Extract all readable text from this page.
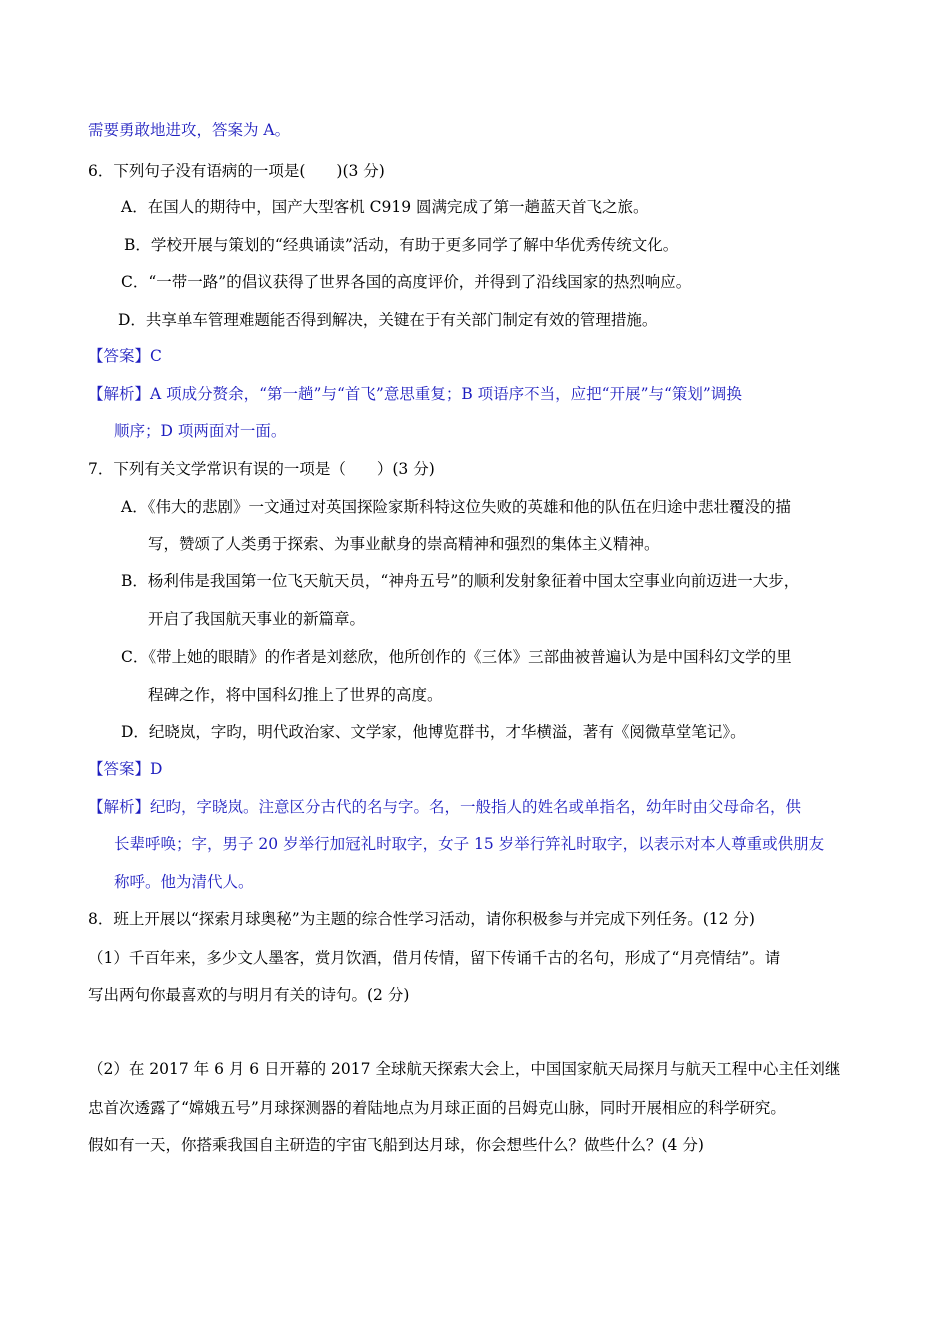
需要勇敢地进攻，答案为 A。
6．下列句子没有语病的一项是(　　)(3 分)
A．在国人的期待中，国产大型客机 C919 圆满完成了第一趟蓝天首飞之旅。
B．学校开展与策划的“经典诵读”活动，有助于更多同学了解中华优秀传统文化。
C．“一带一路”的倡议获得了世界各国的高度评价，并得到了沿线国家的热烈响应。
D．共享单车管理难题能否得到解决，关键在于有关部门制定有效的管理措施。
【答案】C
【解析】A 项成分赘余，“第一趟”与“首飞”意思重复；B 项语序不当，应把“开展”与“策划”调换
顺序；D 项两面对一面。
7．下列有关文学常识有误的一项是（　　）(3 分)
A．《伟大的悲剧》一文通过对英国探险家斯科特这位失败的英雄和他的队伍在归途中悲壮覆没的描
写，赞颂了人类勇于探索、为事业献身的崇高精神和强烈的集体主义精神。
B．杨利伟是我国第一位飞天航天员，“神舟五号”的顺利发射象征着中国太空事业向前迈进一大步，
开启了我国航天事业的新篇章。
C．《带上她的眼睛》的作者是刘慈欣，他所创作的《三体》三部曲被普遍认为是中国科幻文学的里
程碑之作，将中国科幻推上了世界的高度。
D．纪晓岚，字昀，明代政治家、文学家，他博览群书，才华横溢，著有《阅微草堂笔记》。
【答案】D
【解析】纪昀，字晓岚。注意区分古代的名与字。名，一般指人的姓名或单指名，幼年时由父母命名，供
长辈呼唤；字，男子 20 岁举行加冠礼时取字，女子 15 岁举行笄礼时取字，以表示对本人尊重或供朋友
称呼。他为清代人。
8．班上开展以“探索月球奥秘”为主题的综合性学习活动，请你积极参与并完成下列任务。(12 分)
（1）千百年来，多少文人墨客，赏月饮酒，借月传情，留下传诵千古的名句，形成了“月亮情结”。请
写出两句你最喜欢的与明月有关的诗句。(2 分)
（2）在 2017 年 6 月 6 日开幕的 2017 全球航天探索大会上，中国国家航天局探月与航天工程中心主任刘继
忠首次透露了“嫦娥五号”月球探测器的着陆地点为月球正面的吕姆克山脉，同时开展相应的科学研究。
假如有一天，你搭乘我国自主研造的宇宙飞船到达月球，你会想些什么？做些什么？(4 分)
